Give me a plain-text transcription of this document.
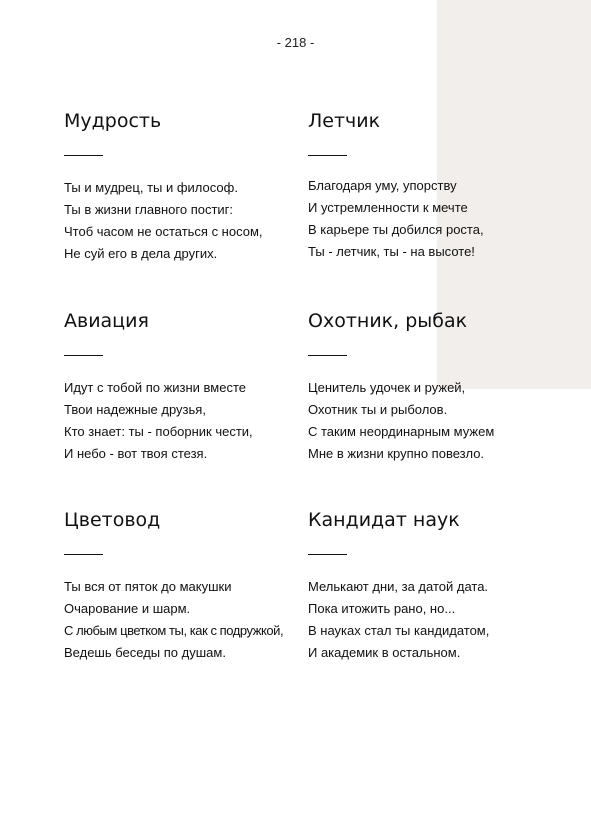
- 218 -
Мудрость
Ты и мудрец, ты и философ.
Ты в жизни главного постиг:
Чтоб часом не остаться с носом,
Не суй его в дела других.
Летчик
Благодаря уму, упорству
И устремленности к мечте
В карьере ты добился роста,
Ты - летчик, ты - на высоте!
Авиация
Идут с тобой по жизни вместе
Твои надежные друзья,
Кто знает: ты - поборник чести,
И небо - вот твоя стезя.
Охотник, рыбак
Ценитель удочек и ружей,
Охотник ты и рыболов.
С таким неординарным мужем
Мне в жизни крупно повезло.
Цветовод
Ты вся от пяток до макушки
Очарование и шарм.
С любым цветком ты, как с подружкой,
Ведешь беседы по душам.
Кандидат наук
Мелькают дни, за датой дата.
Пока итожить рано, но...
В науках стал ты кандидатом,
И академик в остальном.
